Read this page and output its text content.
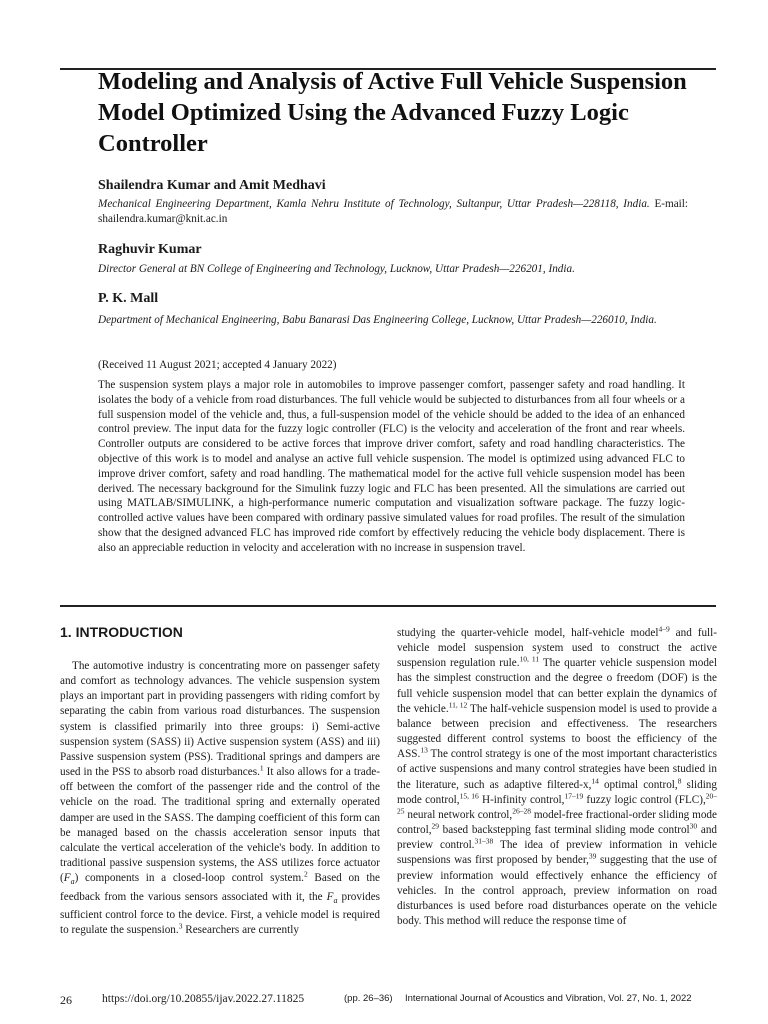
Modeling and Analysis of Active Full Vehicle Suspension Model Optimized Using the Advanced Fuzzy Logic Controller

Shailendra Kumar and Amit Medhavi

Mechanical Engineering Department, Kamla Nehru Institute of Technology, Sultanpur, Uttar Pradesh—228118, India. E-mail: shailendra.kumar@knit.ac.in

Raghuvir Kumar

Director General at BN College of Engineering and Technology, Lucknow, Uttar Pradesh—226201, India.

P. K. Mall

Department of Mechanical Engineering, Babu Banarasi Das Engineering College, Lucknow, Uttar Pradesh—226010, India.

(Received 11 August 2021; accepted 4 January 2022)

The suspension system plays a major role in automobiles to improve passenger comfort, passenger safety and road handling. It isolates the body of a vehicle from road disturbances. The full vehicle would be subjected to disturbances from all four wheels or a full suspension model of the vehicle and, thus, a full-suspension model of the vehicle should be added to the idea of an enhanced control preview. The input data for the fuzzy logic controller (FLC) is the velocity and acceleration of the front and rear wheels. Controller outputs are considered to be active forces that improve driver comfort, safety and road handling characteristics. The objective of this work is to model and analyse an active full vehicle suspension. The model is optimized using advanced FLC to improve driver comfort, safety and road handling. The mathematical model for the active full vehicle suspension model has been derived. The necessary background for the Simulink fuzzy logic and FLC has been presented. All the simulations are carried out using MATLAB/SIMULINK, a high-performance numeric computation and visualization software package. The fuzzy logic-controlled active values have been compared with ordinary passive simulated values for road profiles. The result of the simulation show that the designed advanced FLC has improved ride comfort by effectively reducing the vehicle body displacement. There is also an appreciable reduction in velocity and acceleration with no increase in suspension travel.

1. INTRODUCTION

The automotive industry is concentrating more on passenger safety and comfort as technology advances. The vehicle suspension system plays an important part in providing passengers with riding comfort by separating the cabin from various road disturbances. The suspension system is classified primarily into three groups: i) Semi-active suspension system (SASS) ii) Active suspension system (ASS) and iii) Passive suspension system (PSS). Traditional springs and dampers are used in the PSS to absorb road disturbances.$^1$ It also allows for a trade-off between the comfort of the passenger ride and the control of the vehicle on the road. The traditional spring and externally operated damper are used in the SASS. The damping coefficient of this form can be managed based on the chassis acceleration sensor inputs that calculate the vertical acceleration of the vehicle's body. In addition to traditional passive suspension systems, the ASS utilizes force actuator $(F_a)$ components in a closed-loop control system.$^2$ Based on the feedback from the various sensors associated with it, the $F_a$ provides sufficient control force to the device. First, a vehicle model is required to regulate the suspension.$^3$ Researchers are currently

studying the quarter-vehicle model, half-vehicle model$^{4-9}$ and full-vehicle model suspension system used to construct the active suspension regulation rule.$^{10, 11}$ The quarter vehicle suspension model has the simplest construction and the degree o freedom (DOF) is the full vehicle suspension model that can better explain the dynamics of the vehicle.$^{11, 12}$ The half-vehicle suspension model is used to provide a balance between precision and effectiveness. The researchers suggested different control systems to boost the efficiency of the ASS.$^{13}$ The control strategy is one of the most important characteristics of active suspensions and many control strategies have been studied in the literature, such as adaptive filtered-x,$^{14}$ optimal control,$^8$ sliding mode control,$^{15, 16}$ H-infinity control,$^{17-19}$ fuzzy logic control (FLC),$^{20-25}$ neural network control,$^{26-28}$ model-free fractional-order sliding mode control,$^{29}$ based backstepping fast terminal sliding mode control$^{30}$ and preview control.$^{31-38}$ The idea of preview information in vehicle suspensions was first proposed by bender,$^{39}$ suggesting that the use of preview information would effectively enhance the efficiency of vehicles. In the control approach, preview information on road disturbances is used before road disturbances operate on the vehicle body. This method will reduce the response time of

26	https://doi.org/10.20855/ijav.2022.27.11825	(pp. 26–36) International Journal of Acoustics and Vibration, Vol. 27, No. 1, 2022
